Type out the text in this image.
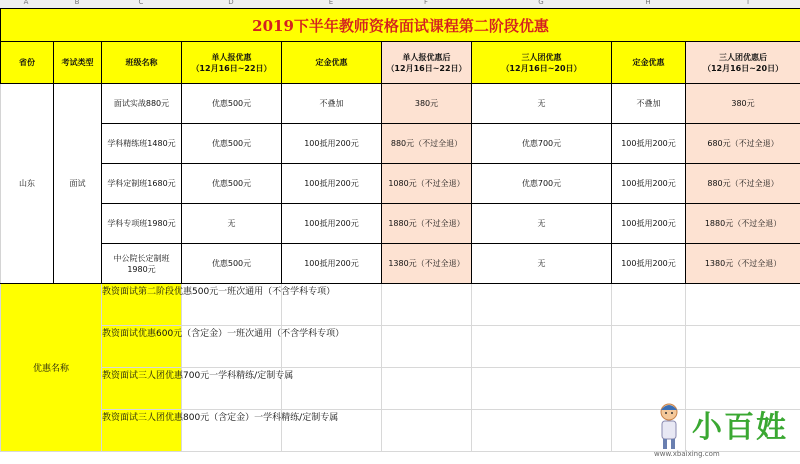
A	B	C	D	E	F	G	H	I
2019下半年教师资格面试课程第二阶段优惠								
省份	考试类型	班级名称	单人报优惠
（12月16日~22日）	定金优惠	单人报优惠后
（12月16日~22日）	三人团优惠
（12月16日~20日）	定金优惠	三人团优惠后
（12月16日~20日）
山东	面试	面试实战880元	优惠500元	不叠加	380元	无	不叠加	380元
		学科精练班1480元	优惠500元	100抵用200元	880元（不过全退）	优惠700元	100抵用200元	680元（不过全退）
		学科定制班1680元	优惠500元	100抵用200元	1080元（不过全退）	优惠700元	100抵用200元	880元（不过全退）
		学科专项班1980元	无	100抵用200元	1880元（不过全退）	无	100抵用200元	1880元（不过全退）
		中公院长定制班
1980元	优惠500元	100抵用200元	1380元（不过全退）	无	100抵用200元	1380元（不过全退）
优惠名称		教资面试第二阶段优惠500元一班次通用（不含学科专项）						

		教资面试优惠600元（含定金）一班次通用（不含学科专项）						

		教资面试三人团优惠700元一学科精练/定制专属						

		教资面试三人团优惠800元（含定金）一学科精练/定制专属						
							小百姓
www.xbaixing.com
